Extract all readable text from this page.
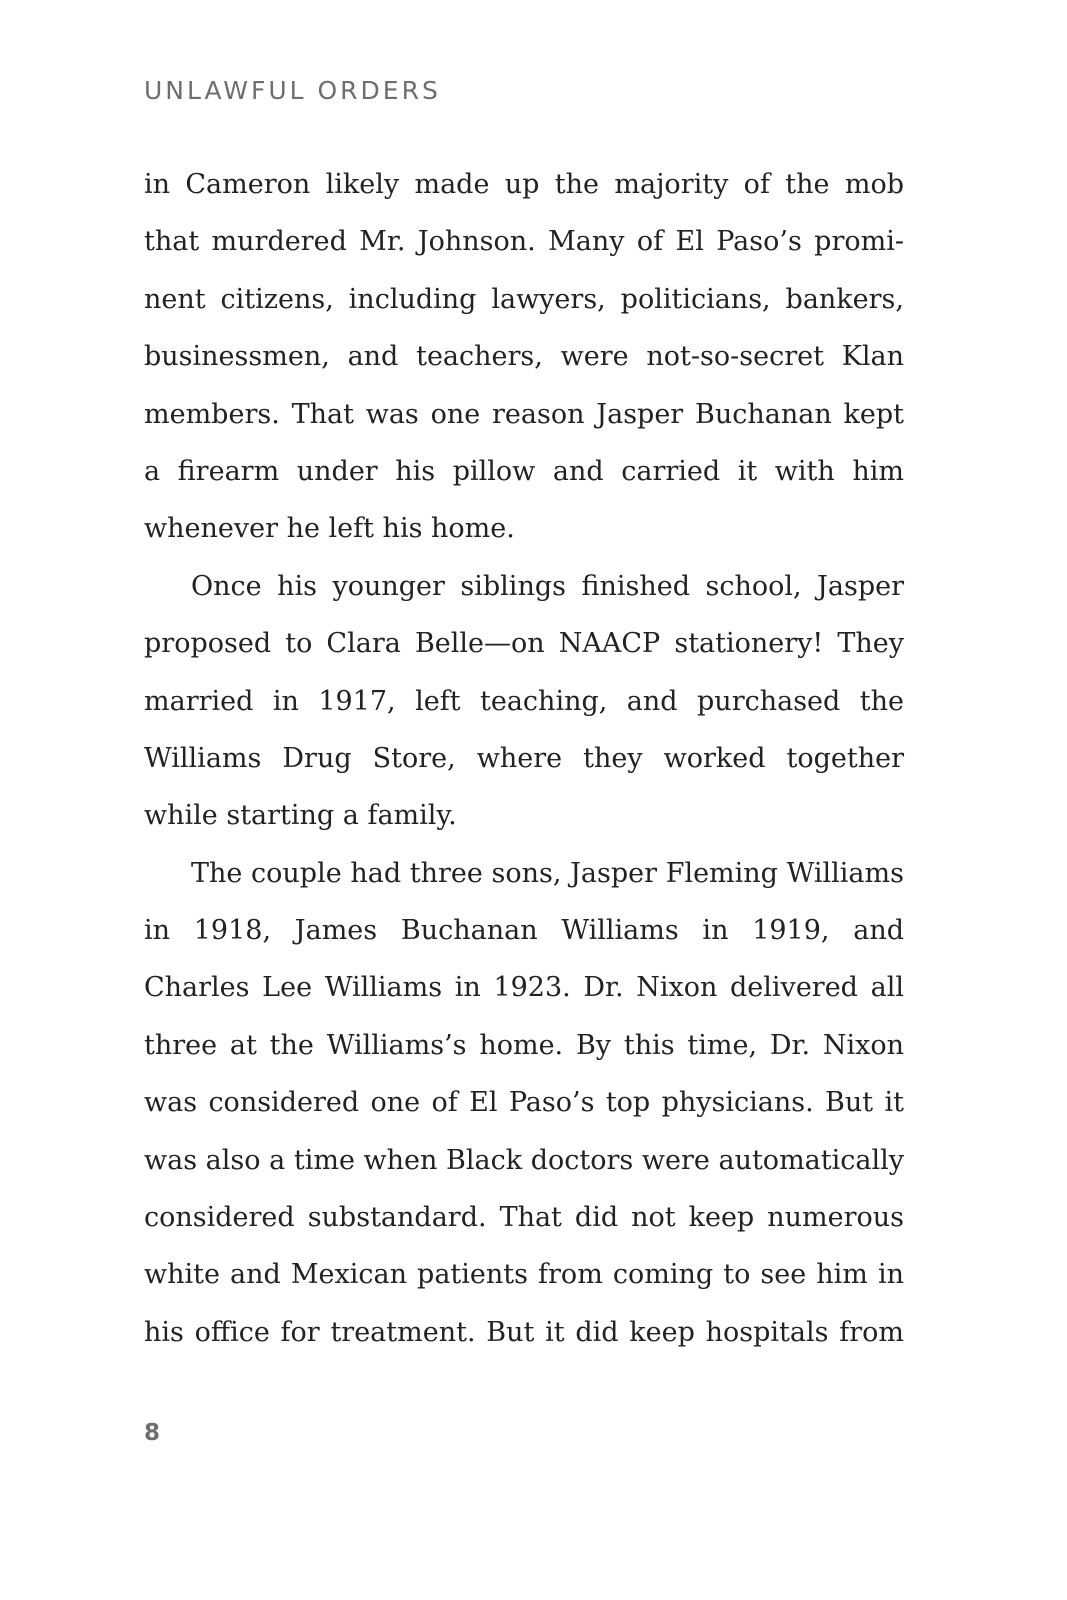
UNLAWFUL ORDERS
in Cameron likely made up the majority of the mob
that murdered Mr. Johnson. Many of El Paso’s promi-
nent citizens, including lawyers, politicians, bankers,
businessmen, and teachers, were not-so-secret Klan
members. That was one reason Jasper Buchanan kept
a firearm under his pillow and carried it with him
whenever he left his home.
Once his younger siblings finished school, Jasper
proposed to Clara Belle—on NAACP stationery! They
married in 1917, left teaching, and purchased the
Williams Drug Store, where they worked together
while starting a family.
The couple had three sons, Jasper Fleming Williams
in 1918, James Buchanan Williams in 1919, and
Charles Lee Williams in 1923. Dr. Nixon delivered all
three at the Williams’s home. By this time, Dr. Nixon
was considered one of El Paso’s top physicians. But it
was also a time when Black doctors were automatically
considered substandard. That did not keep numerous
white and Mexican patients from coming to see him in
his office for treatment. But it did keep hospitals from
8
